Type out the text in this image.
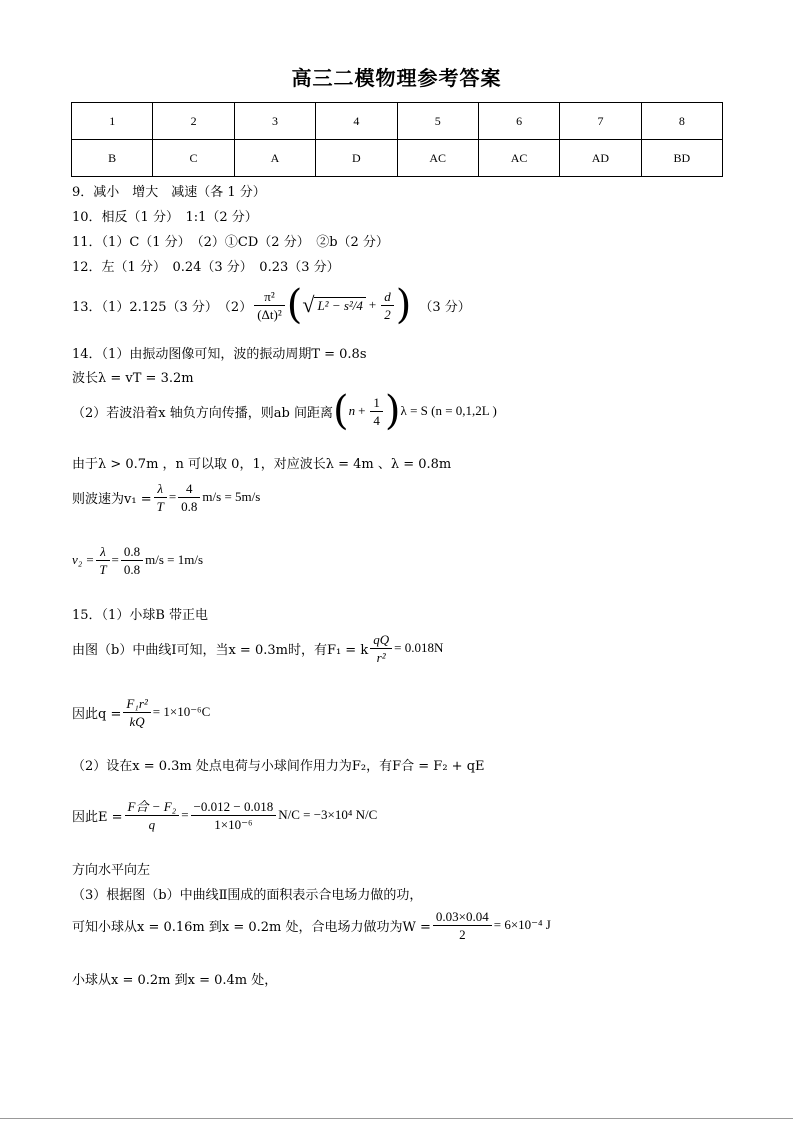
高三二模物理参考答案
1	2	3	4	5	6	7	8
B	C	A	D	AC	AC	AD	BD
9．减小　增大　减速（各 1 分）
10．相反（1 分）　1:1（2 分）
11．（1）C（1 分）　（2）①CD（2 分）　②b（2 分）
12．左（1 分）　0.24（3 分）　0.23（3 分）
13．（1）2.125（3 分）　$(2) \frac{\text{π²}}{\text{(Δt)²}}$ ( √ $L^2 - s^2/4 + \frac{d}{2}$ ) （3 分）
14．（1）由振动图像可知，波的振动周期T = 0.8s
波长λ = vT = 3.2m
（2）若波沿着x 轴负方向传播，则ab 间距离 ( $n + \frac{1}{4}$ ) λ = S (n = 0,1,2L )
由于λ > 0.7m ，n 可以取 0，1，对应波长λ = 4m 、λ = 0.8m
则波速为$v_1 = \frac{\lambda}{T} = \frac{4}{0.8} m/s = 5m/s$
$v_2 = \frac{\lambda}{T} = \frac{0.8}{0.8} m/s = 1m/s$
15．（1）小球B 带正电
由图（b）中曲线Ⅰ可知，当x = 0.3m时，有F₁ = k $\frac{qQ}{\text{r²}} = 0.018N$
因此$q = \frac{\text{F₁r²}}{kQ} = 1\times 10^{-6}C$
（2）设在x = 0.3m 处点电荷与小球间作用力为F₂，有F合 = F₂ + qE
因此$E = \frac{\text{F合 − F₂}}{q} = \frac{-0.012 - 0.018}{\text{1×10⁻⁶}} N/C = -3\times 10^4$ N/C
方向水平向左
（3）根据图（b）中曲线Ⅱ围成的面积表示合电场力做的功，
可知小球从x = 0.16m 到x = 0.2m 处，合电场力做功为$W = \frac{0.03\times 0.04}{2} = 6\times 10^{-4}$ J
小球从x = 0.2m 到x = 0.4m 处，
